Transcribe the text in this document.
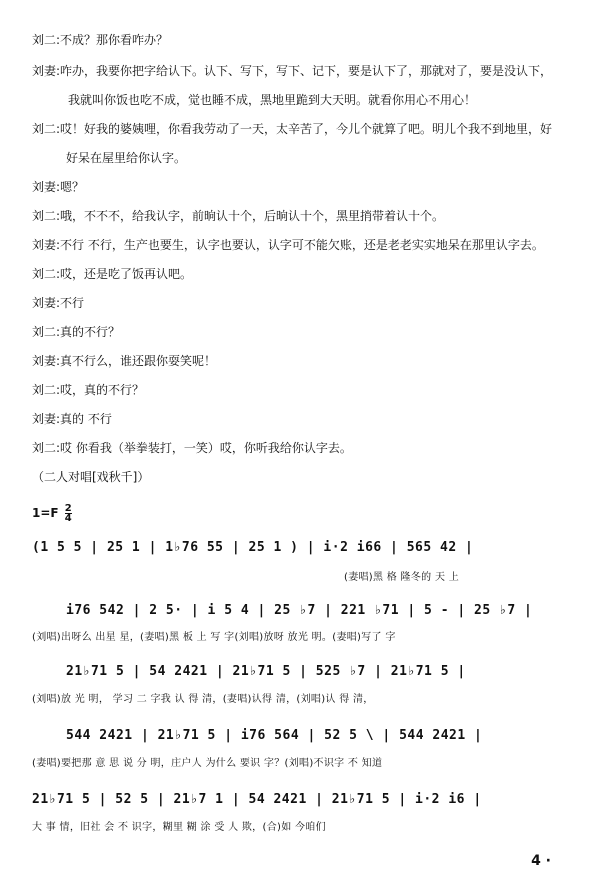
刘二:不成？那你看咋办？
刘妻:咋办，我要你把字给认下。认下、写下，写下、记下，要是认下了，那就对了，要是没认下，
我就叫你饭也吃不成，觉也睡不成，黑地里跪到大天明。就看你用心不用心！
刘二:哎！好我的婆姨哩，你看我劳动了一天，太辛苦了，今儿个就算了吧。明儿个我不到地里，好
好呆在屋里给你认字。
刘妻:嗯？
刘二:哦，不不不，给我认字，前晌认十个，后晌认十个，黑里捎带着认十个。
刘妻:不行 不行，生产也要生，认字也要认，认字可不能欠账，还是老老实实地呆在那里认字去。
刘二:哎，还是吃了饭再认吧。
刘妻:不行
刘二:真的不行？
刘妻:真不行么，谁还跟你耍笑呢！
刘二:哎，真的不行？
刘妻:真的 不行
刘二:哎 你看我（举拳装打，一笑）哎，你听我给你认字去。
（二人对唱[戏秋千]）
$1=F \frac{2}{4}$
(1 5 5 | 25 1 | 1♭76 55 | 25 1 ) | i·2 i66 | 565 42 |
(妻唱)黑 格 隆冬的 天 上
i76 542 | 2 5· | i 5 4 | 25 ♭7 | 221 ♭71 | 5 - | 25 ♭7 |
(刘唱)出呀么 出星 星，(妻唱)黑 板 上 写 字(刘唱)放呀 放光 明。(妻唱)写了 字
21♭71 5 | 54 2421 | 21♭71 5 | 525 ♭7 | 21♭71 5 |
(刘唱)放 光 明， 学习 二 字我 认 得 清，(妻唱)认得 清，(刘唱)认 得 清，
544 2421 | 21♭71 5 | i76 564 | 52 5 \ | 544 2421 |
(妻唱)要把那 意 思 说 分 明，庄户人 为什么 要识 字？(刘唱)不识字 不 知道
21♭71 5 | 52 5 | 21♭7 1 | 54 2421 | 21♭71 5 | i·2 i6 |
大 事 情，旧社 会 不 识字，糊里 糊 涂 受 人 欺，(合)如 今咱们
4 ·
